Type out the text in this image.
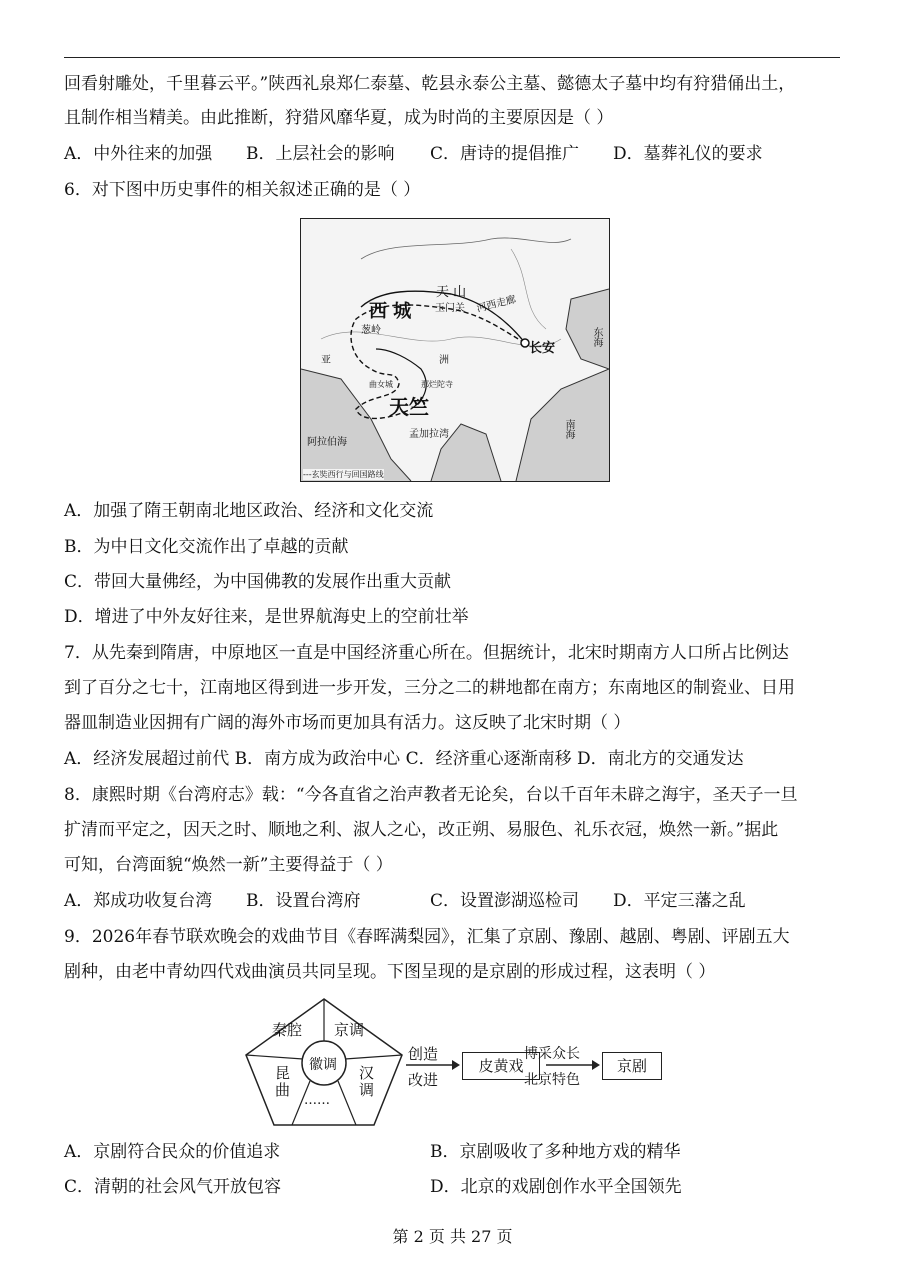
回看射雕处，千里暮云平。”陕西礼泉郑仁泰墓、乾县永泰公主墓、懿德太子墓中均有狩猎俑出土，
且制作相当精美。由此推断，狩猎风靡华夏，成为时尚的主要原因是（ ）
A．中外往来的加强 B．上层社会的影响 C．唐诗的提倡推广 D．墓葬礼仪的要求
6．对下图中历史事件的相关叙述正确的是（ ）
天 山
西 城 玉门关 河西走廊
葱岭
长安
东海
亚	洲
曲女城	那烂陀寺
天竺
南海
阿拉伯海
孟加拉湾
---玄奘西行与回国路线
A．加强了隋王朝南北地区政治、经济和文化交流
B．为中日文化交流作出了卓越的贡献
C．带回大量佛经，为中国佛教的发展作出重大贡献
D．增进了中外友好往来，是世界航海史上的空前壮举
7．从先秦到隋唐，中原地区一直是中国经济重心所在。但据统计，北宋时期南方人口所占比例达
到了百分之七十，江南地区得到进一步开发，三分之二的耕地都在南方；东南地区的制瓷业、日用
器皿制造业因拥有广阔的海外市场而更加具有活力。这反映了北宋时期（ ）
A．经济发展超过前代 B．南方成为政治中心 C．经济重心逐渐南移 D．南北方的交通发达
8．康熙时期《台湾府志》载：“今各直省之治声教者无论矣，台以千百年未辟之海宇，圣天子一旦
扩清而平定之，因天之时、顺地之利、淑人之心，改正朔、易服色、礼乐衣冠，焕然一新。”据此
可知，台湾面貌“焕然一新”主要得益于（ ）
A．郑成功收复台湾 B．设置台湾府	C．设置澎湖巡检司 D．平定三藩之乱
9．2026年春节联欢晚会的戏曲节目《春晖满梨园》，汇集了京剧、豫剧、越剧、粤剧、评剧五大
剧种，由老中青幼四代戏曲演员共同呈现。下图呈现的是京剧的形成过程，这表明（ ）
秦腔 京调
徽调
昆曲	汉调
……
创造
改进
皮黄戏
博采众长
北京特色
京剧
A．京剧符合民众的价值追求	B．京剧吸收了多种地方戏的精华
C．清朝的社会风气开放包容	D．北京的戏剧创作水平全国领先
第 2 页 共 27 页
